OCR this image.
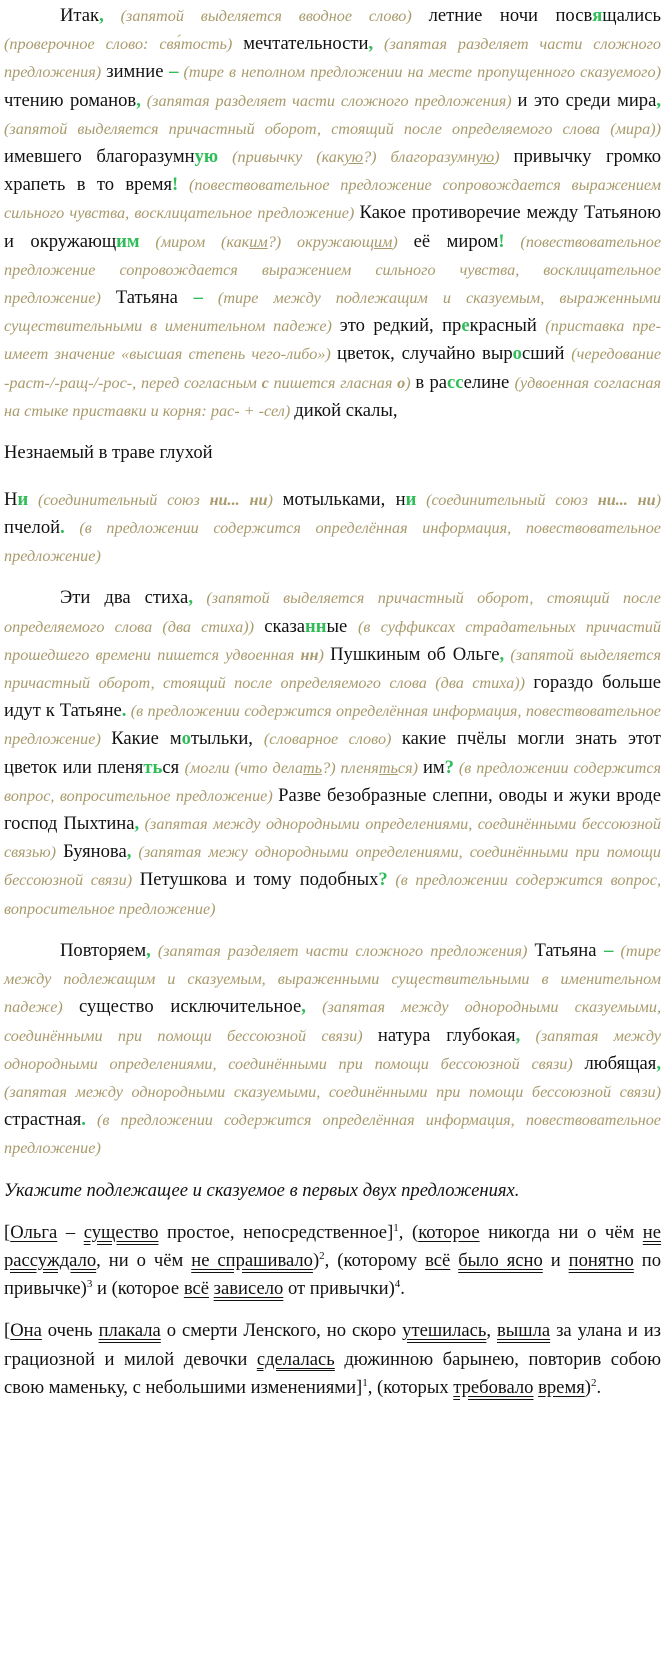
Итак, (запятой выделяется вводное слово) летние ночи посвящались (проверочное слово: свя́тость) мечтательности, (запятая разделяет части сложного предложения) зимние – (тире в неполном предложении на месте пропущенного сказуемого) чтению романов, (запятая разделяет части сложного предложения) и это среди мира, (запятой выделяется причастный оборот, стоящий после определяемого слова (мира)) имевшего благоразумную (привычку (какую?) благоразумную) привычку громко храпеть в то время! (повествовательное предложение сопровождается выражением сильного чувства, восклицательное предложение) Какое противоречие между Татьяною и окружающим (миром (каким?) окружающим) её миром! (повествовательное предложение сопровождается выражением сильного чувства, восклицательное предложение) Татьяна – (тире между подлежащим и сказуемым, выраженными существительными в именительном падеже) это редкий, прекрасный (приставка пре- имеет значение «высшая степень чего-либо») цветок, случайно выросший (чередование -раст-/-ращ-/-рос-, перед согласным с пишется гласная о) в расселине (удвоенная согласная на стыке приставки и корня: рас- + -сел) дикой скалы,

Незнаемый в траве глухой

Ни (соединительный союз ни... ни) мотыльками, ни (соединительный союз ни... ни) пчелой. (в предложении содержится определённая информация, повествовательное предложение)

Эти два стиха, (запятой выделяется причастный оборот, стоящий после определяемого слова (два стиха)) сказанные (в суффиксах страдательных причастий прошедшего времени пишется удвоенная нн) Пушкиным об Ольге, (запятой выделяется причастный оборот, стоящий после определяемого слова (два стиха)) гораздо больше идут к Татьяне. (в предложении содержится определённая информация, повествовательное предложение) Какие мотыльки, (словарное слово) какие пчёлы могли знать этот цветок или пленяться (могли (что делать?) пленяться) им? (в предложении содержится вопрос, вопросительное предложение) Разве безобразные слепни, оводы и жуки вроде господ Пыхтина, (запятая между однородными определениями, соединёнными бессоюзной связью) Буянова, (запятая межу однородными определениями, соединёнными при помощи бессоюзной связи) Петушкова и тому подобных? (в предложении содержится вопрос, вопросительное предложение)

Повторяем, (запятая разделяет части сложного предложения) Татьяна – (тире между подлежащим и сказуемым, выраженными существительными в именительном падеже) существо исключительное, (запятая между однородными сказуемыми, соединёнными при помощи бессоюзной связи) натура глубокая, (запятая между однородными определениями, соединёнными при помощи бессоюзной связи) любящая, (запятая между однородными сказуемыми, соединёнными при помощи бессоюзной связи) страстная. (в предложении содержится определённая информация, повествовательное предложение)

Укажите подлежащее и сказуемое в первых двух предложениях.

[Ольга – существо простое, непосредственное]$^1$, (которое никогда ни о чём не рассуждало, ни о чём не спрашивало)$^2$, (которому всё было ясно и понятно по привычке)$^3$ и (которое всё зависело от привычки)$^4$.

[Она очень плакала о смерти Ленского, но скоро утешилась, вышла за улана и из грациозной и милой девочки сделалась дюжинною барынею, повторив собою свою маменьку, с небольшими изменениями]$^1$, (которых требовало время)$^2$.
